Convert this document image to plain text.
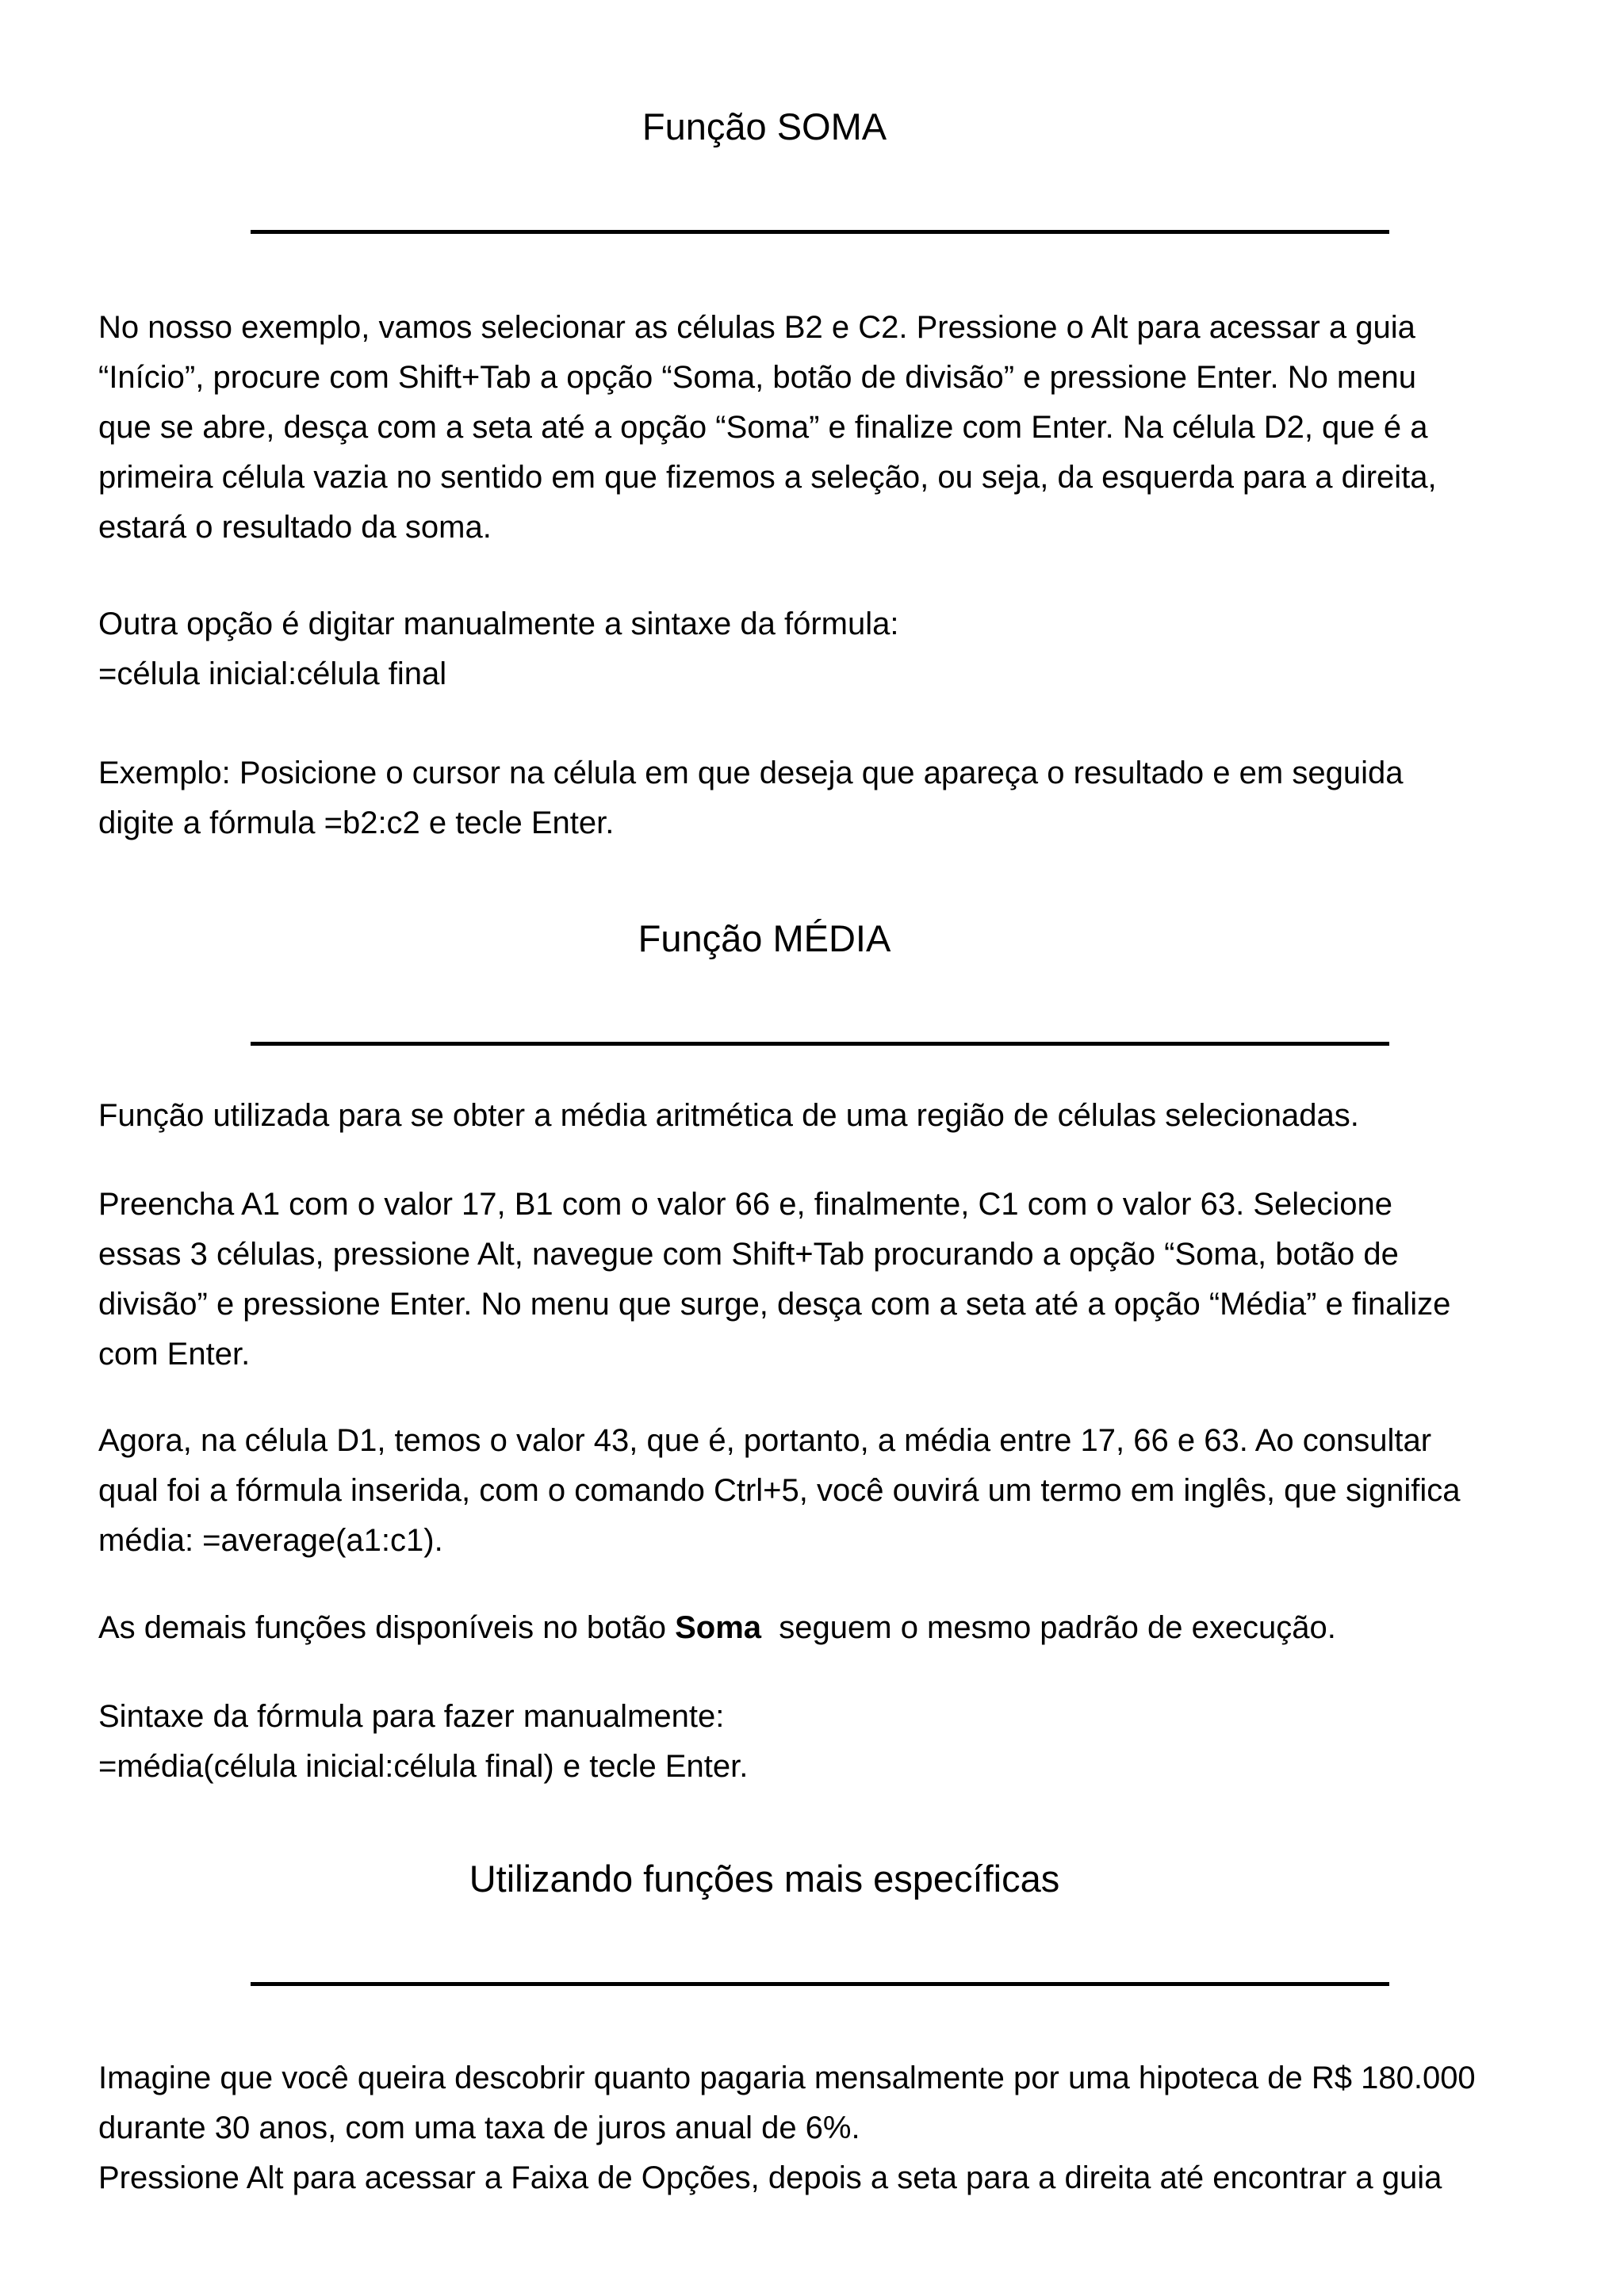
Função SOMA

No nosso exemplo, vamos selecionar as células B2 e C2. Pressione o Alt para acessar a guia
“Início”, procure com Shift+Tab a opção “Soma, botão de divisão” e pressione Enter. No menu
que se abre, desça com a seta até a opção “Soma” e finalize com Enter. Na célula D2, que é a
primeira célula vazia no sentido em que fizemos a seleção, ou seja, da esquerda para a direita,
estará o resultado da soma.

Outra opção é digitar manualmente a sintaxe da fórmula:
=célula inicial:célula final

Exemplo: Posicione o cursor na célula em que deseja que apareça o resultado e em seguida
digite a fórmula =b2:c2 e tecle Enter.

Função MÉDIA

Função utilizada para se obter a média aritmética de uma região de células selecionadas.

Preencha A1 com o valor 17, B1 com o valor 66 e, finalmente, C1 com o valor 63. Selecione
essas 3 células, pressione Alt, navegue com Shift+Tab procurando a opção “Soma, botão de
divisão” e pressione Enter. No menu que surge, desça com a seta até a opção “Média” e finalize
com Enter.

Agora, na célula D1, temos o valor 43, que é, portanto, a média entre 17, 66 e 63. Ao consultar
qual foi a fórmula inserida, com o comando Ctrl+5, você ouvirá um termo em inglês, que significa
média: =average(a1:c1).

As demais funções disponíveis no botão Soma  seguem o mesmo padrão de execução.

Sintaxe da fórmula para fazer manualmente:
=média(célula inicial:célula final) e tecle Enter.

Utilizando funções mais específicas

Imagine que você queira descobrir quanto pagaria mensalmente por uma hipoteca de R$ 180.000
durante 30 anos, com uma taxa de juros anual de 6%.
Pressione Alt para acessar a Faixa de Opções, depois a seta para a direita até encontrar a guia
